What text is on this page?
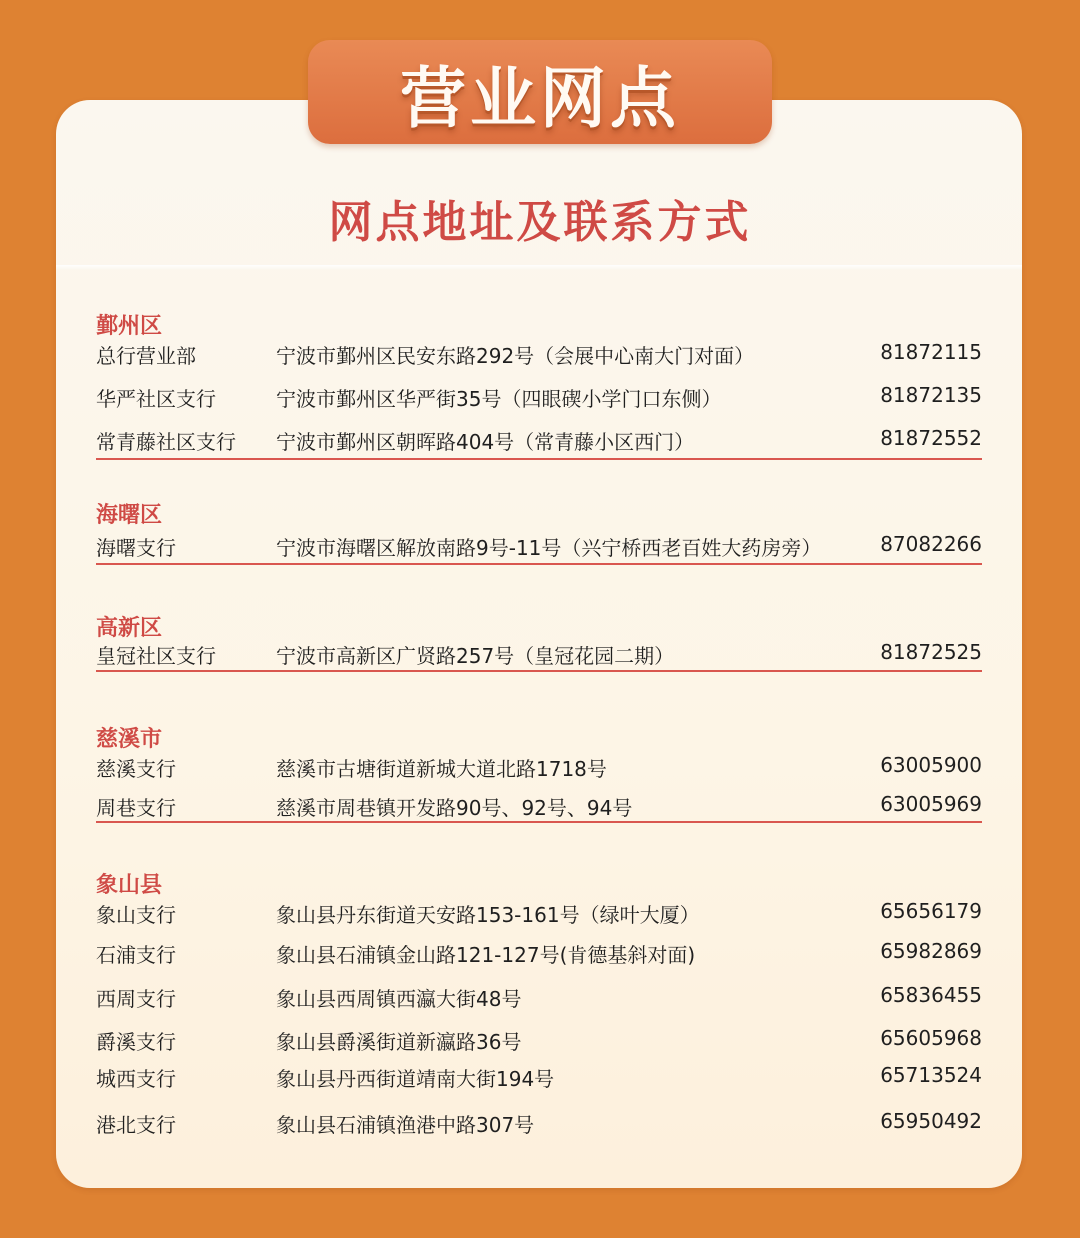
营业网点
网点地址及联系方式
鄞州区
总行营业部	宁波市鄞州区民安东路292号（会展中心南大门对面）	81872115
华严社区支行	宁波市鄞州区华严街35号（四眼碶小学门口东侧）	81872135
常青藤社区支行 宁波市鄞州区朝晖路404号（常青藤小区西门）	81872552
海曙区
海曙支行	宁波市海曙区解放南路9号-11号（兴宁桥西老百姓大药房旁）	87082266
高新区
皇冠社区支行	宁波市高新区广贤路257号（皇冠花园二期）	81872525
慈溪市
慈溪支行	慈溪市古塘街道新城大道北路1718号	63005900
周巷支行	慈溪市周巷镇开发路90号、92号、94号	63005969
象山县
象山支行	象山县丹东街道天安路153-161号（绿叶大厦）	65656179
石浦支行	象山县石浦镇金山路121-127号(肯德基斜对面)	65982869
西周支行	象山县西周镇西瀛大街48号	65836455
爵溪支行	象山县爵溪街道新瀛路36号	65605968
城西支行	象山县丹西街道靖南大街194号	65713524
港北支行	象山县石浦镇渔港中路307号	65950492
